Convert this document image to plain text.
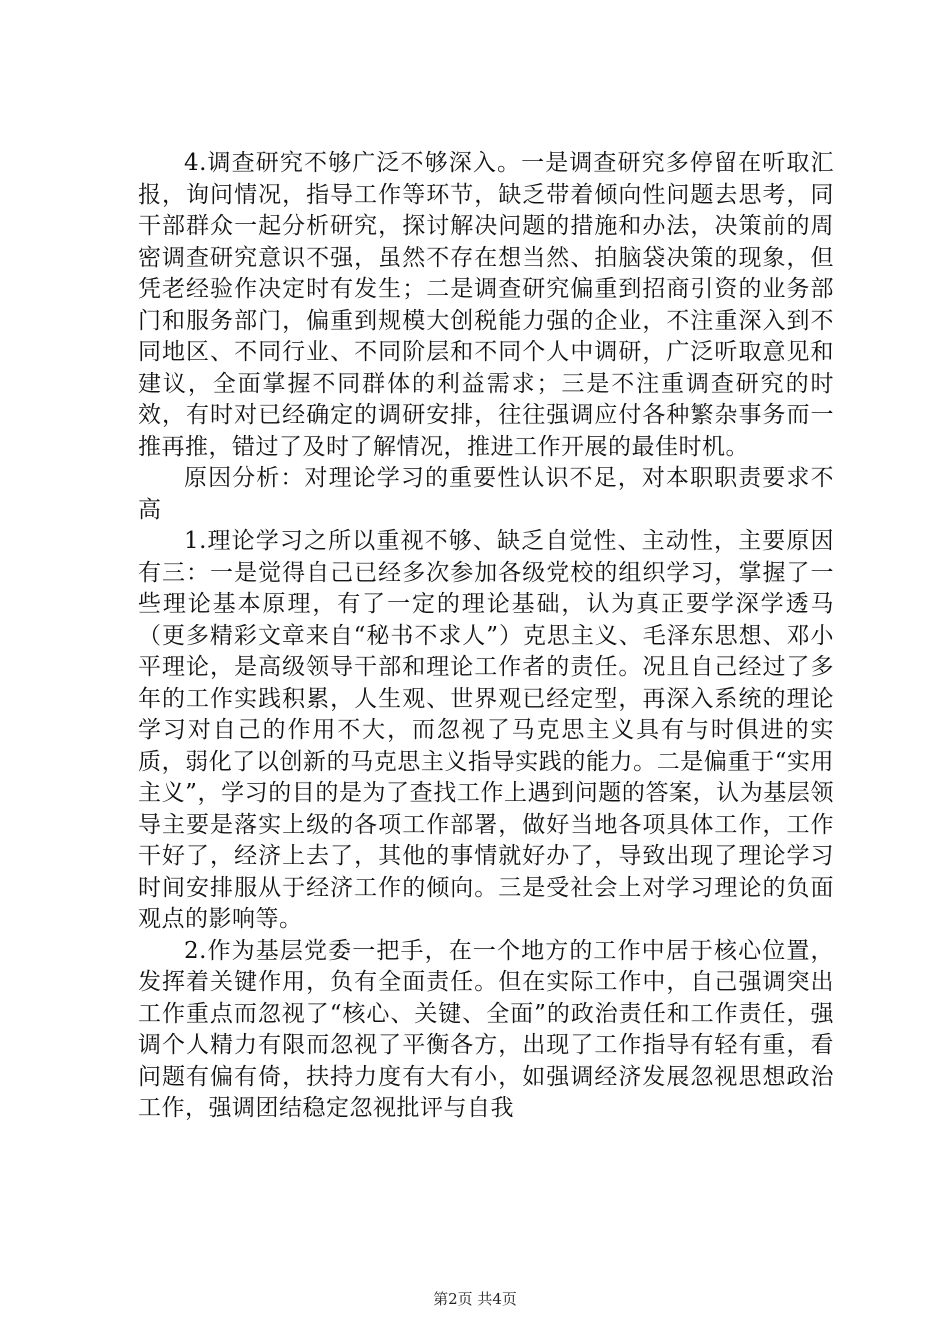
4.调查研究不够广泛不够深入。一是调查研究多停留在听取汇报，询问情况，指导工作等环节，缺乏带着倾向性问题去思考，同干部群众一起分析研究，探讨解决问题的措施和办法，决策前的周密调查研究意识不强，虽然不存在想当然、拍脑袋决策的现象，但凭老经验作决定时有发生；二是调查研究偏重到招商引资的业务部门和服务部门，偏重到规模大创税能力强的企业，不注重深入到不同地区、不同行业、不同阶层和不同个人中调研，广泛听取意见和建议，全面掌握不同群体的利益需求；三是不注重调查研究的时效，有时对已经确定的调研安排，往往强调应付各种繁杂事务而一推再推，错过了及时了解情况，推进工作开展的最佳时机。

原因分析：对理论学习的重要性认识不足，对本职职责要求不高

1.理论学习之所以重视不够、缺乏自觉性、主动性，主要原因有三：一是觉得自己已经多次参加各级党校的组织学习，掌握了一些理论基本原理，有了一定的理论基础，认为真正要学深学透马（更多精彩文章来自“秘书不求人”）克思主义、毛泽东思想、邓小平理论，是高级领导干部和理论工作者的责任。况且自己经过了多年的工作实践积累，人生观、世界观已经定型，再深入系统的理论学习对自己的作用不大，而忽视了马克思主义具有与时俱进的实质，弱化了以创新的马克思主义指导实践的能力。二是偏重于“实用主义”，学习的目的是为了查找工作上遇到问题的答案，认为基层领导主要是落实上级的各项工作部署，做好当地各项具体工作，工作干好了，经济上去了，其他的事情就好办了，导致出现了理论学习时间安排服从于经济工作的倾向。三是受社会上对学习理论的负面观点的影响等。

2.作为基层党委一把手，在一个地方的工作中居于核心位置，发挥着关键作用，负有全面责任。但在实际工作中，自己强调突出工作重点而忽视了“核心、关键、全面”的政治责任和工作责任，强调个人精力有限而忽视了平衡各方，出现了工作指导有轻有重，看问题有偏有倚，扶持力度有大有小，如强调经济发展忽视思想政治工作，强调团结稳定忽视批评与自我

第2页 共4页
